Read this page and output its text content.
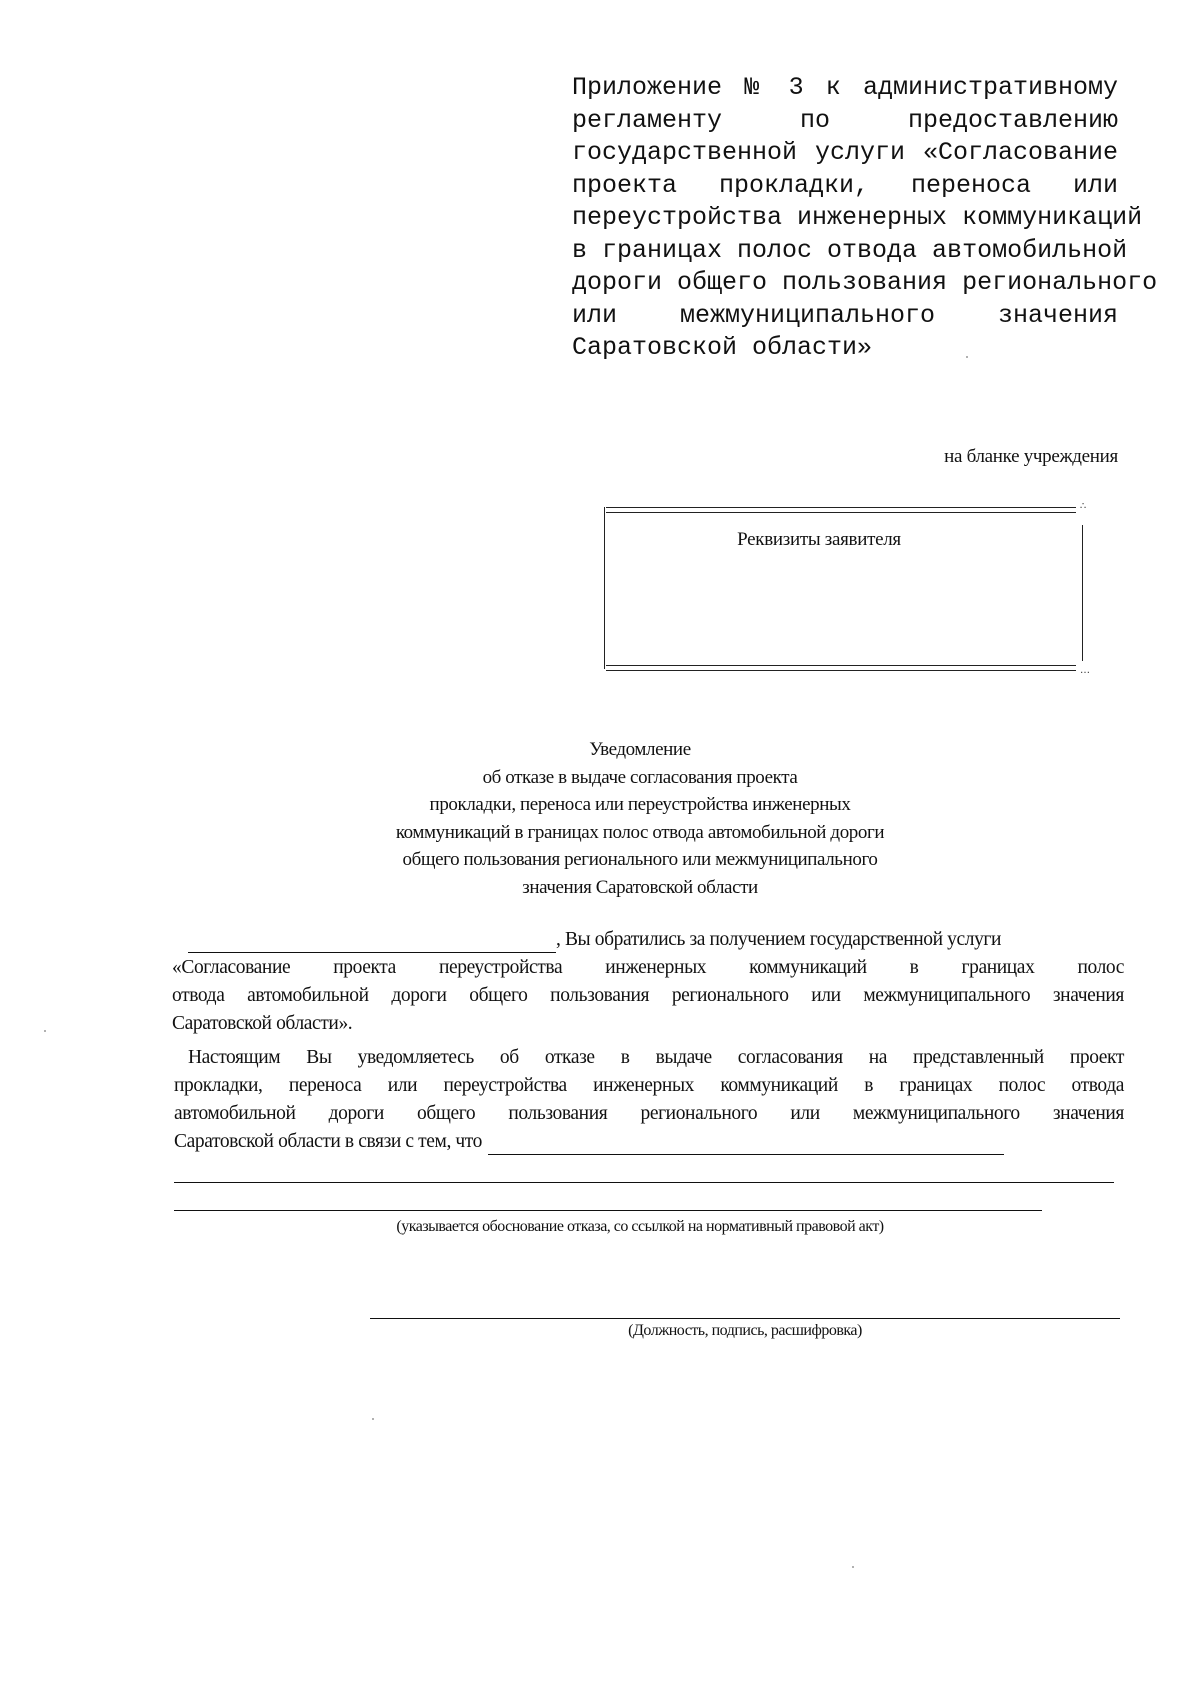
Приложение № 3 к административному
регламенту по предоставлению
государственной услуги «Согласование
проекта прокладки, переноса или
переустройства инженерных коммуникаций
в границах полос отвода автомобильной
дороги общего пользования регионального
или межмуниципального значения
Саратовской области»
на бланке учреждения
∴
…
Реквизиты заявителя
Уведомление
об отказе в выдаче согласования проекта
прокладки, переноса или переустройства инженерных
коммуникаций в границах полос отвода автомобильной дороги
общего пользования регионального или межмуниципального
значения Саратовской области
, Вы обратились за получением государственной услуги
«Согласование проекта переустройства инженерных коммуникаций в границах полос
отвода автомобильной дороги общего пользования регионального или межмуниципального значения
Саратовской области».
Настоящим Вы уведомляетесь об отказе в выдаче согласования на представленный проект
прокладки, переноса или переустройства инженерных коммуникаций в границах полос отвода
автомобильной дороги общего пользования регионального или межмуниципального значения
Саратовской области в связи с тем, что
(указывается обоснование отказа, со ссылкой на нормативный правовой акт)
(Должность, подпись, расшифровка)
